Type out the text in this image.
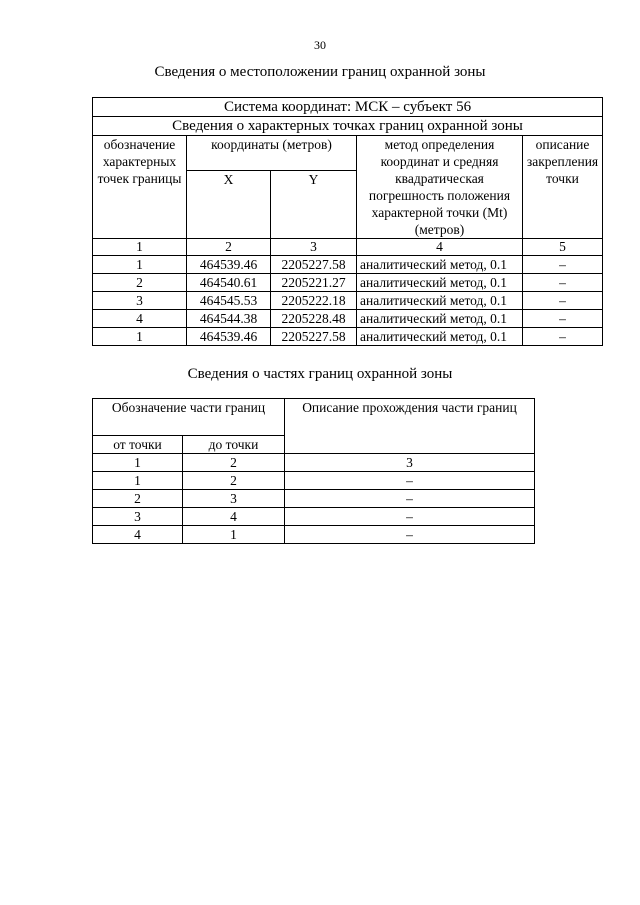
30
Сведения о местоположении границ охранной зоны
Система координат: МСК – субъект 56				
Сведения о характерных точках границ охранной зоны				
обозначение характерных точек границы	координаты (метров)		метод определения координат и средняя квадратическая погрешность положения характерной точки (Mt) (метров)	описание закрепления точки
	X	Y		
1	2	3	4	5
1	464539.46	2205227.58	аналитический метод, 0.1	–
2	464540.61	2205221.27	аналитический метод, 0.1	–
3	464545.53	2205222.18	аналитический метод, 0.1	–
4	464544.38	2205228.48	аналитический метод, 0.1	–
1	464539.46	2205227.58	аналитический метод, 0.1	–
Сведения о частях границ охранной зоны
Обозначение части границ		Описание прохождения части границ
от точки	до точки	
1	2	3
1	2	–
2	3	–
3	4	–
4	1	–
